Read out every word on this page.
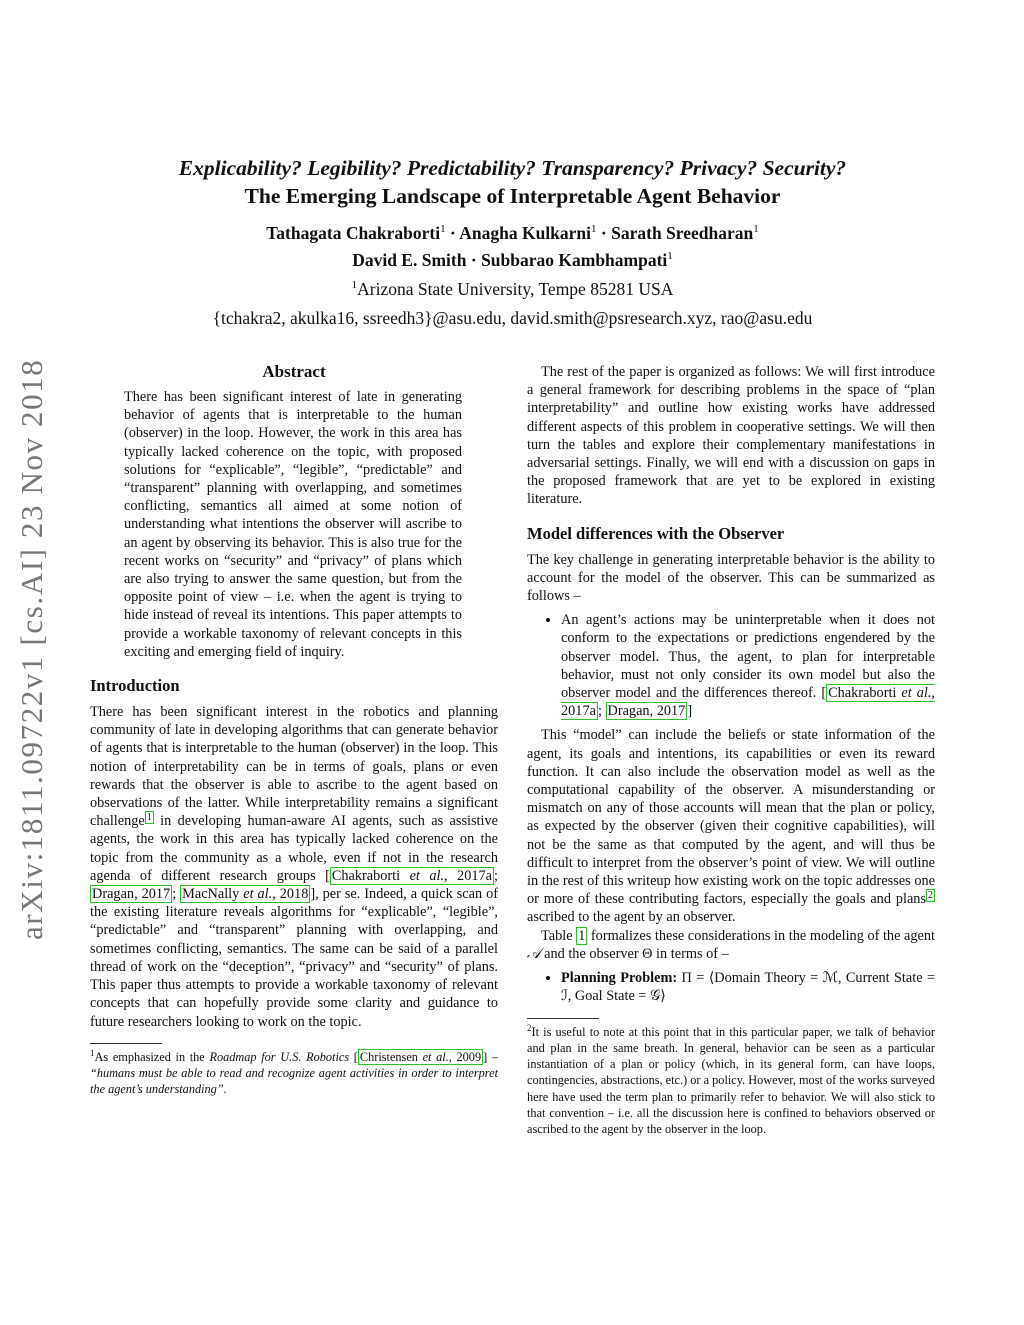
arXiv:1811.09722v1 [cs.AI] 23 Nov 2018
Explicability? Legibility? Predictability? Transparency? Privacy? Security?
The Emerging Landscape of Interpretable Agent Behavior
Tathagata Chakraborti$^1$ · Anagha Kulkarni$^1$ · Sarath Sreedharan$^1$
David E. Smith · Subbarao Kambhampati$^1$
$^1$Arizona State University, Tempe 85281 USA
{tchakra2, akulka16, ssreedh3}@asu.edu, david.smith@psresearch.xyz, rao@asu.edu
Abstract

There has been significant interest of late in generating behavior of agents that is interpretable to the human (observer) in the loop. However, the work in this area has typically lacked coherence on the topic, with proposed solutions for “explicable”, “legible”, “predictable” and “transparent” planning with overlapping, and sometimes conflicting, semantics all aimed at some notion of understanding what intentions the observer will ascribe to an agent by observing its behavior. This is also true for the recent works on “security” and “privacy” of plans which are also trying to answer the same question, but from the opposite point of view – i.e. when the agent is trying to hide instead of reveal its intentions. This paper attempts to provide a workable taxonomy of relevant concepts in this exciting and emerging field of inquiry.

Introduction

There has been significant interest in the robotics and planning community of late in developing algorithms that can generate behavior of agents that is interpretable to the human (observer) in the loop. This notion of interpretability can be in terms of goals, plans or even rewards that the observer is able to ascribe to the agent based on observations of the latter. While interpretability remains a significant challenge $^1$ in developing human-aware AI agents, such as assistive agents, the work in this area has typically lacked coherence on the topic from the community as a whole, even if not in the research agenda of different research groups [ Chakraborti et al., 2017a ; Dragan, 2017 ; MacNally et al., 2018 ], per se. Indeed, a quick scan of the existing literature reveals algorithms for “explicable”, “legible”, “predictable” and “transparent” planning with overlapping, and sometimes conflicting, semantics. The same can be said of a parallel thread of work on the “deception”, “privacy” and “security” of plans. This paper thus attempts to provide a workable taxonomy of relevant concepts that can hopefully provide some clarity and guidance to future researchers looking to work on the topic.

$^1$As emphasized in the Roadmap for U.S. Robotics [ Christensen et al., 2009 ] – “humans must be able to read and recognize agent activities in order to interpret the agent’s understanding”.

The rest of the paper is organized as follows: We will first introduce a general framework for describing problems in the space of “plan interpretability” and outline how existing works have addressed different aspects of this problem in cooperative settings. We will then turn the tables and explore their complementary manifestations in adversarial settings. Finally, we will end with a discussion on gaps in the proposed framework that are yet to be explored in existing literature.

Model differences with the Observer

The key challenge in generating interpretable behavior is the ability to account for the model of the observer. This can be summarized as follows –

• An agent’s actions may be uninterpretable when it does not conform to the expectations or predictions engendered by the observer model. Thus, the agent, to plan for interpretable behavior, must not only consider its own model but also the observer model and the differences thereof. [ Chakraborti et al., 2017a ; Dragan, 2017 ]

This “model” can include the beliefs or state information of the agent, its goals and intentions, its capabilities or even its reward function. It can also include the observation model as well as the computational capability of the observer. A misunderstanding or mismatch on any of those accounts will mean that the plan or policy, as expected by the observer (given their cognitive capabilities), will not be the same as that computed by the agent, and will thus be difficult to interpret from the observer’s point of view. We will outline in the rest of this writeup how existing work on the topic addresses one or more of these contributing factors, especially the goals and plans $^2$ ascribed to the agent by an observer.

Table 1 formalizes these considerations in the modeling of the agent 𝒜 and the observer Θ in terms of –

• Planning Problem: Π = ⟨Domain Theory = ℳ, Current State = ℐ, Goal State = 𝒢⟩

$^2$It is useful to note at this point that in this particular paper, we talk of behavior and plan in the same breath. In general, behavior can be seen as a particular instantiation of a plan or policy (which, in its general form, can have loops, contingencies, abstractions, etc.) or a policy. However, most of the works surveyed here have used the term plan to primarily refer to behavior. We will also stick to that convention – i.e. all the discussion here is confined to behaviors observed or ascribed to the agent by the observer in the loop.
